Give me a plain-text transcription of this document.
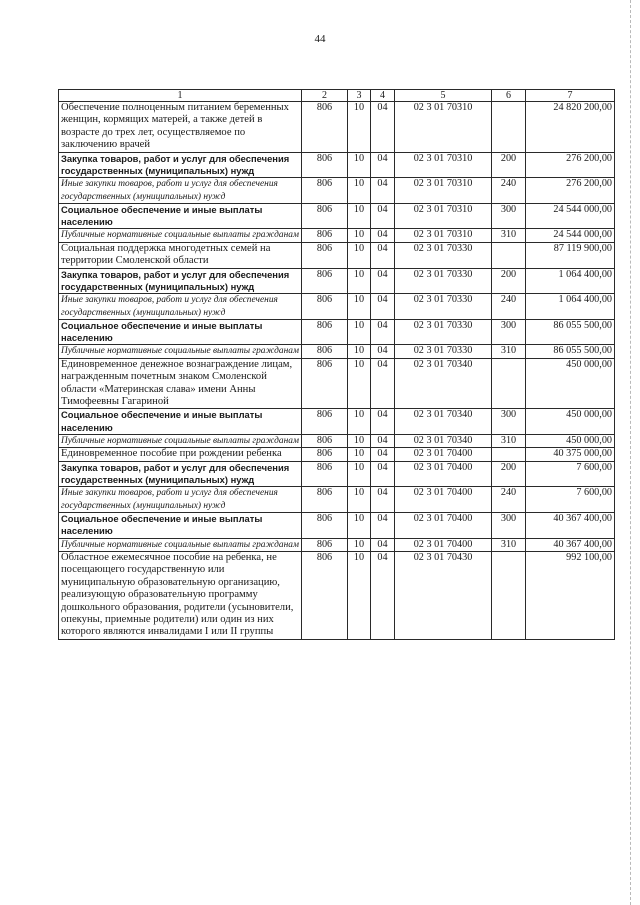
44
1	2	3	4	5	6	7
Обеспечение полноценным питанием беременных женщин, кормящих матерей, а также детей в возрасте до трех лет, осуществляемое по заключению врачей	806	10	04	02 3 01 70310		24 820 200,00
Закупка товаров, работ и услуг для обеспечения государственных (муниципальных) нужд	806	10	04	02 3 01 70310	200	276 200,00
Иные закупки товаров, работ и услуг для обеспечения государственных (муниципальных) нужд	806	10	04	02 3 01 70310	240	276 200,00
Социальное обеспечение и иные выплаты населению	806	10	04	02 3 01 70310	300	24 544 000,00
Публичные нормативные социальные выплаты гражданам	806	10	04	02 3 01 70310	310	24 544 000,00
Социальная поддержка многодетных семей на территории Смоленской области	806	10	04	02 3 01 70330		87 119 900,00
Закупка товаров, работ и услуг для обеспечения государственных (муниципальных) нужд	806	10	04	02 3 01 70330	200	1 064 400,00
Иные закупки товаров, работ и услуг для обеспечения государственных (муниципальных) нужд	806	10	04	02 3 01 70330	240	1 064 400,00
Социальное обеспечение и иные выплаты населению	806	10	04	02 3 01 70330	300	86 055 500,00
Публичные нормативные социальные выплаты гражданам	806	10	04	02 3 01 70330	310	86 055 500,00
Единовременное денежное вознаграждение лицам, награжденным почетным знаком Смоленской области «Материнская слава» имени Анны Тимофеевны Гагариной	806	10	04	02 3 01 70340		450 000,00
Социальное обеспечение и иные выплаты населению	806	10	04	02 3 01 70340	300	450 000,00
Публичные нормативные социальные выплаты гражданам	806	10	04	02 3 01 70340	310	450 000,00
Единовременное пособие при рождении ребенка	806	10	04	02 3 01 70400		40 375 000,00
Закупка товаров, работ и услуг для обеспечения государственных (муниципальных) нужд	806	10	04	02 3 01 70400	200	7 600,00
Иные закупки товаров, работ и услуг для обеспечения государственных (муниципальных) нужд	806	10	04	02 3 01 70400	240	7 600,00
Социальное обеспечение и иные выплаты населению	806	10	04	02 3 01 70400	300	40 367 400,00
Публичные нормативные социальные выплаты гражданам	806	10	04	02 3 01 70400	310	40 367 400,00
Областное ежемесячное пособие на ребенка, не посещающего государственную или муниципальную образовательную организацию, реализующую образовательную программу дошкольного образования, родители (усыновители, опекуны, приемные родители) или один из них которого являются инвалидами I или II группы	806	10	04	02 3 01 70430		992 100,00
